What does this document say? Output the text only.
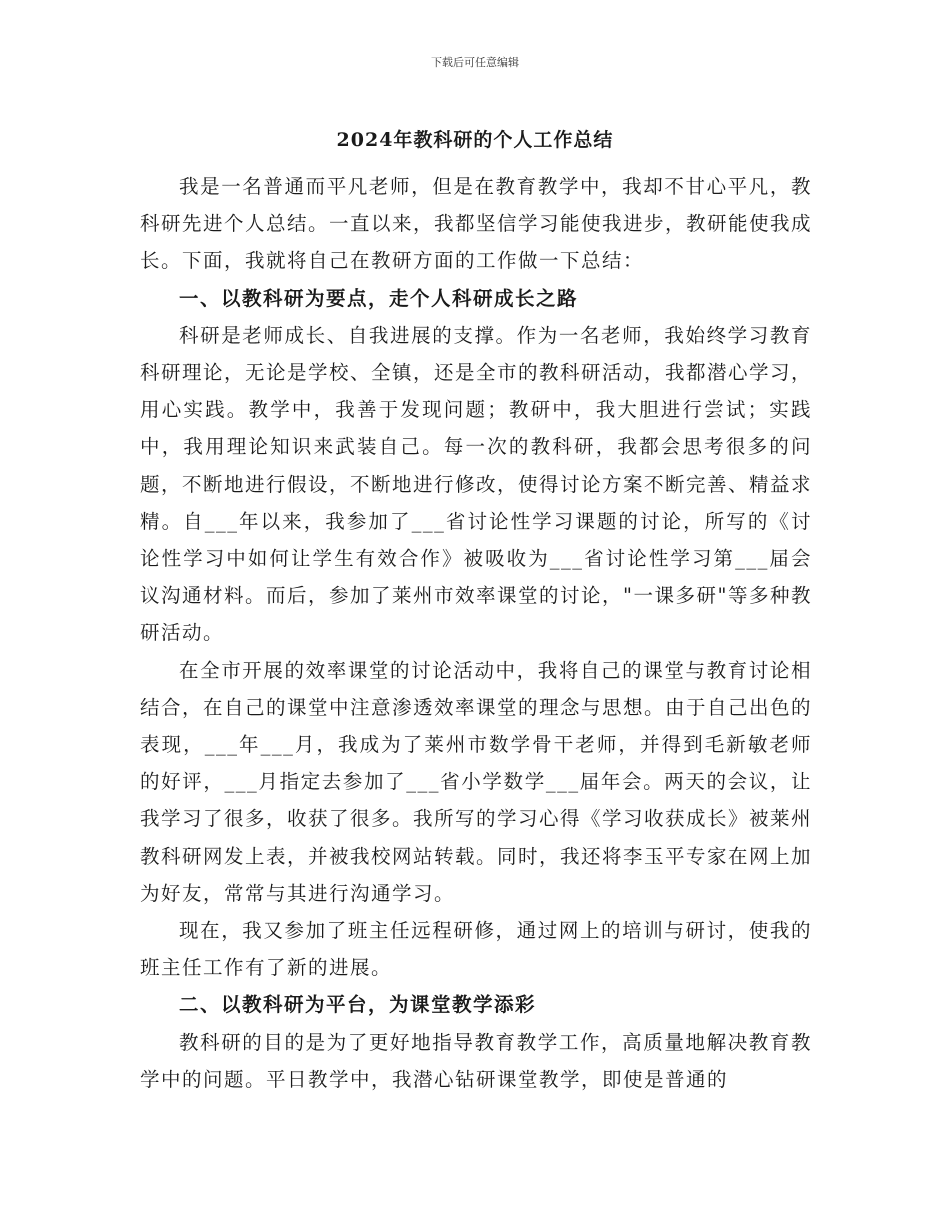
下载后可任意编辑
2024年教科研的个人工作总结

我是一名普通而平凡老师，但是在教育教学中，我却不甘心平凡，教科研先进个人总结。一直以来，我都坚信学习能使我进步，教研能使我成长。下面，我就将自己在教研方面的工作做一下总结：

一、以教科研为要点，走个人科研成长之路

科研是老师成长、自我进展的支撑。作为一名老师，我始终学习教育科研理论，无论是学校、全镇，还是全市的教科研活动，我都潜心学习，用心实践。教学中，我善于发现问题；教研中，我大胆进行尝试；实践中，我用理论知识来武装自己。每一次的教科研，我都会思考很多的问题，不断地进行假设，不断地进行修改，使得讨论方案不断完善、精益求精。自___年以来，我参加了___省讨论性学习课题的讨论，所写的《讨论性学习中如何让学生有效合作》被吸收为___省讨论性学习第___届会议沟通材料。而后，参加了莱州市效率课堂的讨论，"一课多研"等多种教研活动。

在全市开展的效率课堂的讨论活动中，我将自己的课堂与教育讨论相结合，在自己的课堂中注意渗透效率课堂的理念与思想。由于自己出色的表现，___年___月，我成为了莱州市数学骨干老师，并得到毛新敏老师的好评，___月指定去参加了___省小学数学___届年会。两天的会议，让我学习了很多，收获了很多。我所写的学习心得《学习收获成长》被莱州教科研网发上表，并被我校网站转载。同时，我还将李玉平专家在网上加为好友，常常与其进行沟通学习。

现在，我又参加了班主任远程研修，通过网上的培训与研讨，使我的班主任工作有了新的进展。

二、以教科研为平台，为课堂教学添彩

教科研的目的是为了更好地指导教育教学工作，高质量地解决教育教学中的问题。平日教学中，我潜心钻研课堂教学，即使是普通的
